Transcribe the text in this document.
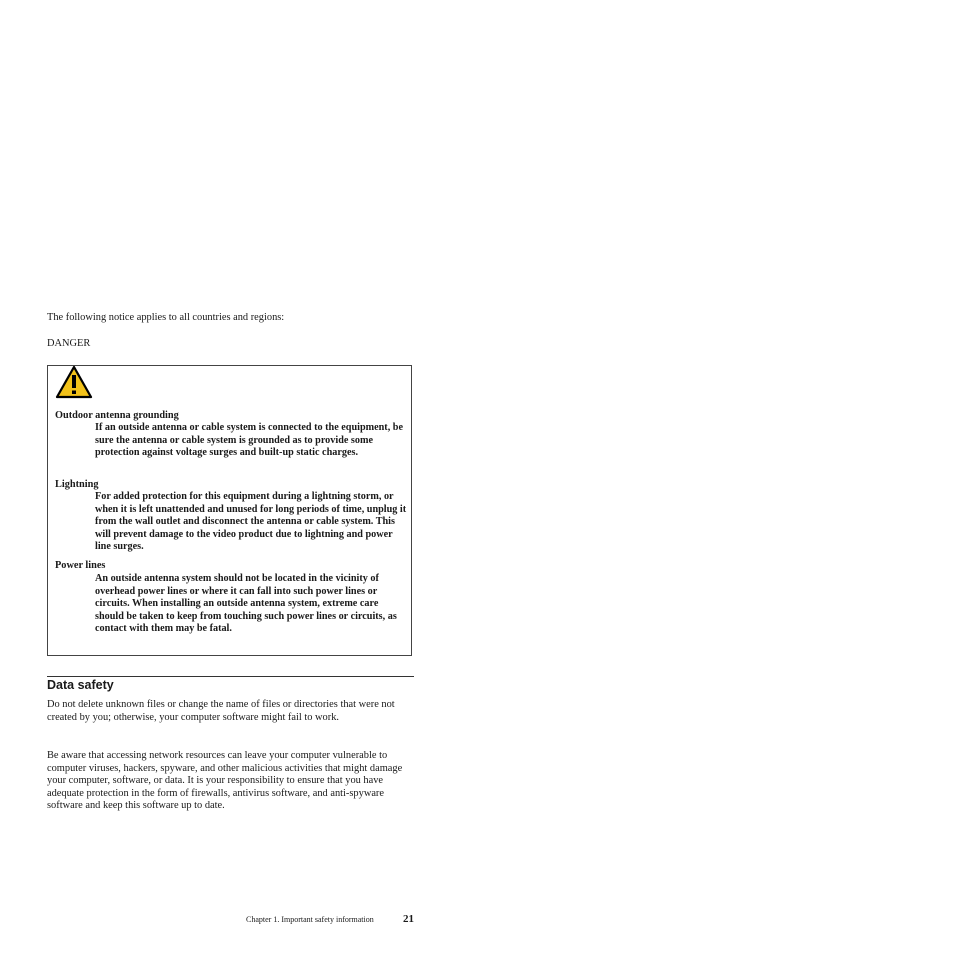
The following notice applies to all countries and regions:
DANGER
Outdoor antenna grounding
If an outside antenna or cable system is connected to the equipment, be sure the antenna or cable system is grounded as to provide some protection against voltage surges and built-up static charges.
Lightning
For added protection for this equipment during a lightning storm, or when it is left unattended and unused for long periods of time, unplug it from the wall outlet and disconnect the antenna or cable system. This will prevent damage to the video product due to lightning and power line surges.
Power lines
An outside antenna system should not be located in the vicinity of overhead power lines or where it can fall into such power lines or circuits. When installing an outside antenna system, extreme care should be taken to keep from touching such power lines or circuits, as contact with them may be fatal.
Data safety
Do not delete unknown files or change the name of files or directories that were not created by you; otherwise, your computer software might fail to work.
Be aware that accessing network resources can leave your computer vulnerable to computer viruses, hackers, spyware, and other malicious activities that might damage your computer, software, or data. It is your responsibility to ensure that you have adequate protection in the form of firewalls, antivirus software, and anti-spyware software and keep this software up to date.
Chapter 1. Important safety information	21
